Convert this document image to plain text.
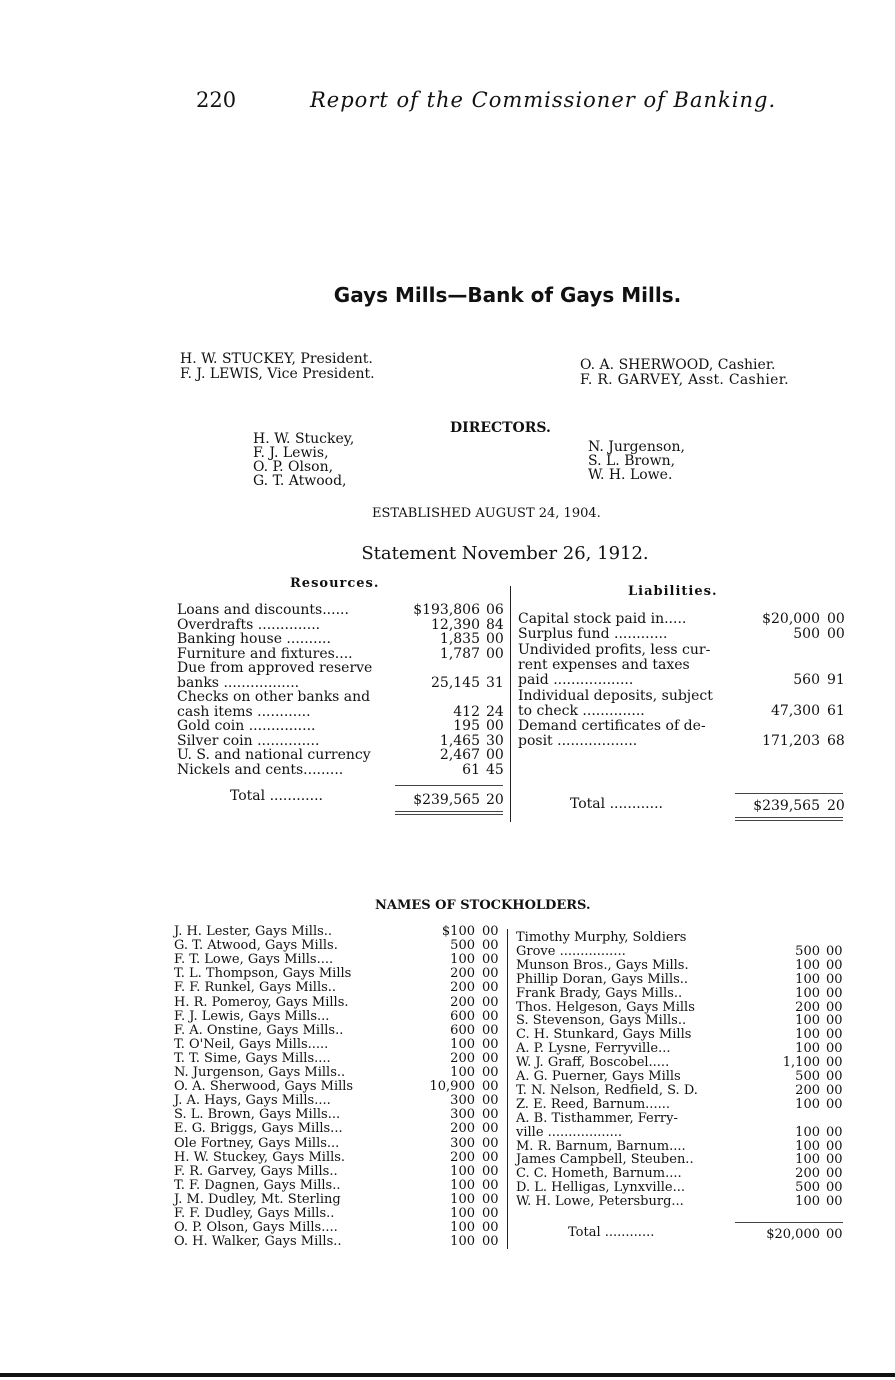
220	Report of the Commissioner of Banking.
Gays Mills—Bank of Gays Mills.
H. W. STUCKEY, President.
F. J. LEWIS, Vice President.
O. A. SHERWOOD, Cashier.
F. R. GARVEY, Asst. Cashier.
DIRECTORS.
H. W. Stuckey,
F. J. Lewis,
O. P. Olson,
G. T. Atwood,
N. Jurgenson,
S. L. Brown,
W. H. Lowe.
ESTABLISHED AUGUST 24, 1904.
Statement November 26, 1912.
Resources.
Liabilities.
Loans and discounts......	$193,806 06
Overdrafts ..............	12,390 84
Banking house ..........	1,835 00
Furniture and fixtures....	1,787 00
Due from approved reserve
banks .................	25,145 31
Checks on other banks and
cash items ............	412 24
Gold coin ...............	195 00
Silver coin ..............	1,465 30
U. S. and national currency	2,467 00
Nickels and cents.........	61 45
Capital stock paid in.....	$20,000 00
Surplus fund ............	500 00
Undivided profits, less cur-
rent expenses and taxes
paid ..................	560 91
Individual deposits, subject
to check ..............	47,300 61
Demand certificates of de-
posit ..................	171,203 68
Total ............	$239,565 20	Total ............	$239,565 20
NAMES OF STOCKHOLDERS.
J. H. Lester, Gays Mills..	$100 00
G. T. Atwood, Gays Mills.	500 00
F. T. Lowe, Gays Mills....	100 00
T. L. Thompson, Gays Mills	200 00
F. F. Runkel, Gays Mills..	200 00
H. R. Pomeroy, Gays Mills.	200 00
F. J. Lewis, Gays Mills...	600 00
F. A. Onstine, Gays Mills..	600 00
T. O'Neil, Gays Mills.....	100 00
T. T. Sime, Gays Mills....	200 00
N. Jurgenson, Gays Mills..	100 00
O. A. Sherwood, Gays Mills	10,900 00
J. A. Hays, Gays Mills....	300 00
S. L. Brown, Gays Mills...	300 00
E. G. Briggs, Gays Mills...	200 00
Ole Fortney, Gays Mills...	300 00
H. W. Stuckey, Gays Mills.	200 00
F. R. Garvey, Gays Mills..	100 00
T. F. Dagnen, Gays Mills..	100 00
J. M. Dudley, Mt. Sterling	100 00
F. F. Dudley, Gays Mills..	100 00
O. P. Olson, Gays Mills....	100 00
O. H. Walker, Gays Mills..	100 00
Timothy Murphy, Soldiers
Grove ................	500 00
Munson Bros., Gays Mills.	100 00
Phillip Doran, Gays Mills..	100 00
Frank Brady, Gays Mills..	100 00
Thos. Helgeson, Gays Mills	200 00
S. Stevenson, Gays Mills..	100 00
C. H. Stunkard, Gays Mills	100 00
A. P. Lysne, Ferryville...	100 00
W. J. Graff, Boscobel.....	1,100 00
A. G. Puerner, Gays Mills	500 00
T. N. Nelson, Redfield, S. D.	200 00
Z. E. Reed, Barnum......	100 00
A. B. Tisthammer, Ferry-
ville ..................	100 00
M. R. Barnum, Barnum....	100 00
James Campbell, Steuben..	100 00
C. C. Hometh, Barnum....	200 00
D. L. Helligas, Lynxville...	500 00
W. H. Lowe, Petersburg...	100 00
Total ............	$20,000 00
